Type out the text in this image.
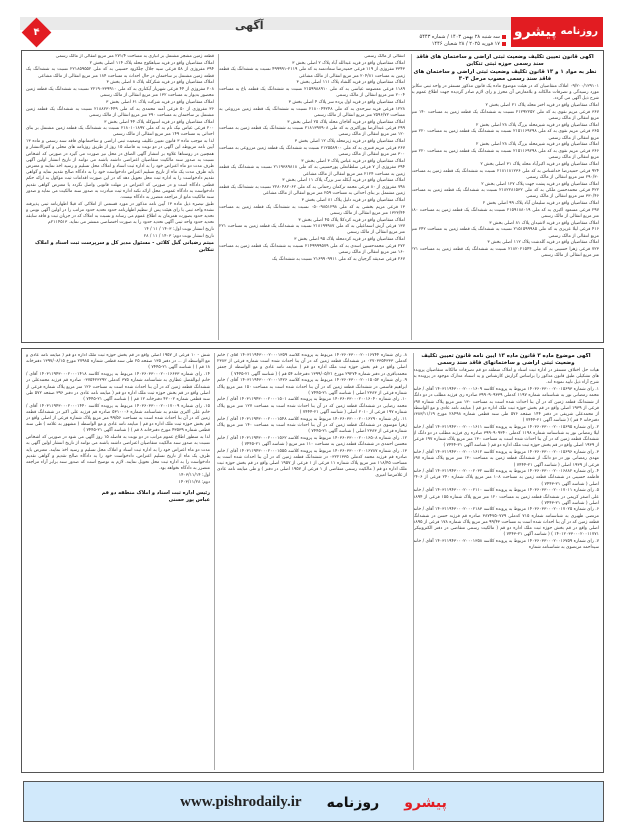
آگهی	روزنامه
پیشرو
سه شنبه ۲۸ بهمن ۱۴۰۳ / شماره ۵۴۴۳
۱۷ فوریه ۲۰۲۵ / ۲۸ شعبان ۱۴۴۶
۴

آگهی قانون تعیین تکلیف وضعیت ثبتی اراضی و ساختمان های فاقد سند رسمی حوزه ثبتی تنکابن

نظر به مواد ۱ و ۱۳ قانون تکلیف وضعیت ثبتی اراضی و ساختمان های فاقد سند رسمی مصوب مرحل ۳۰۴

۰۹/۲۰۰/۱۲۹۱۰۱ املاک متقاضیان که در هیئت موضوع ماده یک قانون مذکور مستقر در واحد ثبتی تنکابن مورد رسیدگی و تصرفات مالکانه و بلامعارض آن محرز و رای لازم صادر گردیده جهت اطلاع عموم به شرح ذیل آگهی می گردد.

املاک متقاضیان واقع در قریه اختر محله پلاک ۲۱ اصلی بخش ۲

۳۶۷ فرعی مریم نقوی به کد ملی ۲۱۲۹۲۲۵۲ نسبت به ششدانگ یک قطعه زمین به مساحت ۱۴۰ متر مربع انتقالی از مالک رسمی

املاک متقاضیان واقع در قریه شیرمحله بزرگ پلاک ۲۸ اصلی بخش ۲

۳۶۵ فرعی مریم نقوی به کد ملی ۲۱۵۱۱۶۹۲۹۸ نسبت به ششدانگ یک قطعه زمین به مساحت ۲۲۰ متر مربع انتقالی از مالک رسمی

املاک متقاضیان واقع در قریه شیرمحله بزرگ پلاک ۲۸ اصلی بخش ۲

۳۶۶ فرعی مریم نقوی به کد ملی ۲۱۵۱۱۶۹۲۹۸ نسبت به ششدانگ یک قطعه زمین به مساحت ۲۲۰ متر مربع انتقالی از مالک رسمی

املاک متقاضیان واقع در قریه اکبرآباد محله پلاک ۳۱ اصلی بخش ۲

۹۲۴ فرعی حمیدرضا خداشناس به کد ملی ۲۱۸۱۱۸۱۲۳۶ نسبت به ششدانگ یک قطعه زمین به مساحت ۲۹۰/۳۰ متر مربع انتقالی از مالک رسمی

املاک متقاضیان واقع در قریه پشت جهت پلاک ۱۲۷ اصلی بخش ۲

۴۲۲ فرعی محمدحسن ملکی به کد ملی ۲۱۸۲۲۸۱۵۳۲ نسبت به ششدانگ یک قطعه زمین به مساحت ۳۳۰/۴۶ متر مربع انتقالی از مالک رسمی

املاک متقاضیان واقع در قریه سلیمان آباد پلاک ۹۹ اصلی بخش ۲

۲۹۷ فرعی مسعود اکبری به کد ملی ۲۱۵۹۱۸۸۰۱۹ نسبت به ششدانگ یک قطعه زمین به مساحت ۱۸۰ متر مربع انتقالی از مالک رسمی

املاک متقاضیان واقع در قریه لاشیدان پلاک ۸۱ اصلی بخش ۳

۴۱۶ فرعی لیلا عزیزی به کد ملی ۲۱۵۱۵۹۹۹۸۵ نسبت به ششدانگ یک قطعه زمین به مساحت ۲۴۲ متر مربع انتقالی از مالک رسمی

املاک متقاضیان واقع در قریه گلدشت پلاک ۱۱۲ اصلی بخش ۳

۷۲۳ فرعی زهرا حسینی به کد ملی ۲۱۸۲۰۲۱۵۴۴ نسبت به ششدانگ یک قطعه زمین به مساحت ۲۲۱ متر مربع انتقالی از مالک رسمی

انتقالی از مالک رسمی

املاک متقاضیان واقع در قریه عبدالله آباد پلاک ۲ اصلی بخش ۳

۳۳۴۳ مفروزی از ۱۱۹ فرعی حمیدرضا سعادتمند به کد ملی ۲۱۱۹-۴۹۹۹۹۱ نسبت به ششدانگ یک قطعه زمین به مساحت ۲۰۴/۸۱ متر مربع انتقالی از مالک مشاعی

املاک متقاضیان واقع در قریه گلشاد پلاک ۱۱۱ اصلی بخش ۳

۱۱۸۹ فرعی معصومه عباسی به کد ملی ۲۱۵۹۹۸۸۹۱۰ نسبت به ششدانگ یک قطعه باغ به مساحت ۲۰۰۴ متر مربع انتقالی از مالک رسمی

املاک متقاضیان واقع در قریه اول پرده سر پلاک ۴ اصلی بخش ۳

۱۲۲۸ فرعی فرید سرحدی به کد ملی ۲۱۸۰۰۴۴۲۴۸ نسبت به ششدانگ یک قطعه زمین مزروعی به مساحت ۲۵۹۶/۷۲ متر مربع انتقالی از مالک رسمی

املاک متقاضیان واقع در قریه آقاجان محله پلاک ۲۵ اصلی بخش ۳

۲۹۹ فرعی عبدالرضا پوراکبری به کد ملی ۲۱۸۱۳۹۷۹۰۸ نسبت به ششدانگ یک قطعه زمین به مساحت ۱۲۰ متر مربع انتقالی از مالک رسمی

املاک متقاضیان واقع در قریه زیرمحله پلاک ۱۲ اصلی بخش ۳

۳۶۷ فرعی مریم قنبری به کد ملی ۲۱۲۵۵۸۹۰۰ نسبت به ششدانگ یک قطعه زمین مزروعی به مساحت ۳۰۰ متر مربع انتقالی از مالک رسمی

املاک متقاضیان واقع در قریه عباس پلاک ۳ اصلی بخش ۳

۳۹۴ مفروزی از ۷ فرعی سلطانعلی پورحسینی به کد ملی ۲۱۱۹۳۸۹۸۱۸ نسبت به ششدانگ یک قطعه زمین به مساحت ۲۱۲۴ متر مربع انتقالی از مالک مشاعی

املاک متقاضیان واقع در قریه آبکله سر بزرگ پلاک ۱۱ اصلی بخش ۳

۷۹۸ مفروزی از ۸۰ فرعی محمد ترکمان رحمانی به کد ملی ۲۲۸۰۴۸۲۰۶۲ نسبت به ششدانگ یک قطعه زمین مشتمل بر بنای احداثی به مساحت ۲۵۹ متر مربع انتقالی از مالک مشاعی

املاک متقاضیان واقع در قریه دلیل پلاک ۸۱ اصلی بخش ۳

۱۳ فرعی مریم بخشی به کد ملی ۰۵۰۰۹۸۵۱۲۹۸ نسبت به ششدانگ یک قطعه زمین به مساحت ۱۳۲۳/۴۴ متر مربع انتقالی از مالک رسمی

املاک متقاضیان واقع در قریه کردکلا پلاک ۴۵ اصلی بخش ۳

۱۳۷ فرعی آرش اسماعیلی به کد ملی ۲۱۸۱۹۹۹۸۷ نسبت به ششدانگ یک قطعه زمین به مساحت ۲۲۱ متر مربع انتقالی از مالک رسمی

املاک متقاضیان واقع در قریه کردمحله پلاک ۹۵ اصلی بخش ۳

۲۷۲ فرعی محمدحسین اسدی به کد ملی ۲۱۴۹۹۹۹۵۷۹ نسبت به ششدانگ یک قطعه زمین به مساحت ۱۶۰ متر مربع انتقالی از مالک رسمی

۲۶۷ فرعی صدیقه گرجیان به کد ملی ۲۱۶۹۹۰۹۹۱۱ نسبت به ششدانگ یک

قطعه زمین مشجر مشتمل بر انباری به مساحت ۲۷۱/۴ متر مربع انتقالی از مالک رسمی

املاک متقاضیان واقع در قریه سیاهکوچ محله پلاک ۱۱۴ اصلی بخش ۲

۳۹۴ مفروزی از ۵۸ فرعی سید جلال چلکرود حسینی به کد ملی ۲۲۱۸۵۹۵۵۲ نسبت به ششدانگ یک قطعه زمین مشتمل بر ساختمان در حال احداث به مساحت ۱۸۴ متر مربع انتقالی از مالک مشاعی

املاک متقاضیان واقع در قریه شکرکله پلاک ۸ اصلی بخش ۳

۲۰۸ مفروزی از ۴۴ فرعی شهریار آبکناری به کد ملی ۲۲۱۹۰۳۳۹۹۱۰ نسبت به ششدانگ یک قطعه زمین محصور بدیوار به مساحت ۱۳۲ متر مربع انتقالی از مالک رسمی

املاک متقاضیان واقع در قریه شرکت پلاک ۶۱ اصلی بخش ۳

۳۶ مفروزی از ۵۰ فرعی آمنه محمدی به کد ملی ۲۱۸۸۲۳۰۴۴۹ نسبت به ششدانگ یک قطعه زمین مشتمل بر ساختمان به مساحت ۳۹۰ متر مربع انتقالی از مالک رسمی

املاک متقاضیان واقع در قریه اسپوکله پلاک ۴۴ اصلی بخش ۳

۲۰۰ فرعی عباس نیک نام به کد ملی ۲۱۸۰۱۰۱۸۹۷ نسبت به ششدانگ یک قطعه زمین مشتمل بر بنای احداثی به مساحت ۱۴۹ متر مربع انتقالی از مالک رسمی

لذا به موجب ماده ۳ قانون تعیین تکلیف وضعیت ثبتی اراضی و ساختمانهای فاقد سند رسمی و ماده ۱۳ آیین نامه مربوطه این آگهی در دو نوبت به فاصله ۱۵ روز از طریق روزنامه های محلی و کثیرالانتشار و همچنین در روستاها علاوه بر انتشار آگهی الصاق در محل نیز صورت می گیرد در صورتی که اشخاص نسبت به صدور سند مالکیت متقاضیان اعتراضی داشته باشند می توانند از تاریخ انتشار اولین آگهی ظرف مدت دو ماه اعتراض خود را به اداره ثبت اسناد و املاک محل تسلیم و رسید اخذ نمایند و معترض باید ظرف مدت یک ماه از تاریخ تسلیم اعتراض دادخواست خود را به دادگاه صالح تقدیم نماید و گواهی تقدیم دادخواست را به اداره ثبت محل تحویل دهد که در این صورت اقدامات ثبت موکول به ارائه حکم قطعی دادگاه است و در صورتی که اعتراض در مهلت قانونی واصل نگردد یا معترض گواهی تقدیم دادخواست به دادگاه عمومی محل ارائه نکند اداره ثبت مبادرت به صدور سند مالکیت می نماید و صدور سند مالکیت مانع از مراجعه متضرر به دادگاه نیست.

طبق تبصره ذیل ماده ۱۳ آیین نامه مذکور در مورد قسمتی از املاکی که قبلا اظهارنامه ثبتی پذیرفته نشده واحد ثبتی با رای هیئت پس از تنظیم اظهارنامه حدود تحدید حدود مراتب را در اولین آگهی نوبتی و تحدید حدود بصورت همزمان به اطلاع عموم می رساند و نسبت به املاک که در جریان ثبت و فاقد سابقه تحدید حدود واحد ثبتی آگهی تحدید حدود را به صورت اختصاصی منتشر می نماید. ۲۱۱۴۵۱۳م

تاریخ انتشار نوبت اول: ۱۴۰۳ / ۱۱ / ۱۴

تاریخ انتشار نوبت دوم: ۱۴۰۳ / ۱۱ / ۲۸

میثم رضیانی گیل کلائی - مسئول مدیر کل و سرپرست ثبت اسناد و املاک تنکابن

آگهی موضوع ماده ۳ قانون ماده ۱۳ آیین نامه قانون تعیین تکلیف وضعیت ثبتی اراضی و ساختمانهای فاقد سند رسمی

هیات حل اختلاف مستقر در اداره ثبت اسناد و املاک منطقه دو قم تصرفات مالکانه متقاضیان پرونده های تشکیلی طبق قانون مذکور را براساس گزارش کارشناس و به استناد مدارک موجود در پرونده به شرح آراء ذیل تایید نموده اند.

۱. رای شماره ۱۴۰۳۶۰۳۳۰۰۰۲۰۰۱۵۶۹۳ مربوط به پرونده کلاسه ۱۴۰۳۱۱۹۴۳۰۰۰۲۰۰۰۱۶۰۹ آقای / خانم محمد رمضانی نور به شناسنامه شماره ۱۱۹۷ کدملی ۳۹۹۰۹۰۹۳۳۹ صادره ری فرزند مطلب در دو دانگ از ششدانگ قطعه زمین که در آن بنا احداث شده است به مساحت ۱۳۰ متر مربع پلاک شماره ۱۹۷ فرعی از ۱۹۳۹ اصلی واقع در قم بخش حوزه ثبت ملک اداره دو قم ( مبایعه نامه عادی و مع الواسطه از محمدعلی شریفی در دفتر ۱۴۴ صفحه ۵۷۶ طی سند قطعی شماره ۲۸۴۹۸ مورخ ۱۳۸۳/۱۱/۱۹ دفترخانه ۴ قم ) ( شناسه آگهی ۲۱-۷۴۴۴ )

۲. رای شماره ۱۴۰۳۶۰۳۳۰۰۰۲۰۰۱۵۶۹۵ مربوط به پرونده کلاسه ۱۴۰۳۱۱۹۴۳۰۰۰۲۰۰۰۱۶۱۱ آقای / خانم لیلا رمضانی نور به شناسنامه شماره ۱۱۹۸ کدملی ۳۹۹۰۹۰۹۳۴۰ صادره ری فرزند مطلب در دو دانگ از ششدانگ قطعه زمین که در آن بنا احداث شده است به مساحت ۱۳۰ متر مربع پلاک شماره ۱۹۷ فرعی از ۱۹۳۹ اصلی واقع در قم بخش حوزه ثبت ملک اداره دو قم ( شناسه آگهی ۲۱-۷۴۴۴ )

۳. رای شماره ۱۴۰۳۶۰۳۳۰۰۰۲۰۰۱۵۶۹۶ مربوط به پرونده کلاسه ۱۴۰۳۱۱۹۴۳۰۰۰۲۰۰۰۱۶۱۲ آقای / خانم مهدی رمضانی نور در دو دانگ از ششدانگ قطعه زمین به مساحت ۱۳۰ متر مربع پلاک شماره ۱۹۷ فرعی از ۱۹۳۹ اصلی ( شناسه آگهی ۲۱-۷۴۴۴ )

۴. رای شماره ۱۴۰۳۶۰۳۳۰۰۰۲۰۰۱۶۸۸۲ مربوط به پرونده کلاسه ۱۴۰۳۱۱۹۴۳۰۰۰۲۰۰۰۲۰۳۲ آقای / خانم فاطمه حسینی در ششدانگ قطعه زمین به مساحت ۱۰۸ متر مربع پلاک شماره ۲۴۰ فرعی از ۲۴۰۶ اصلی ( شناسه آگهی ۲۱-۷۴۴۳ )

۵. رای شماره ۱۴۰۳۶۰۳۳۰۰۰۲۰۰۱۷۰۱۱ مربوط به پرونده کلاسه ۱۴۰۳۱۱۹۴۳۰۰۰۲۰۰۰۲۱۱۰ آقای / خانم علی اصغر کریمی در ششدانگ قطعه زمین به مساحت ۱۲۰ متر مربع پلاک شماره ۱۵۵ فرعی از ۱۸۹۴ اصلی ( شناسه آگهی ۲۱-۷۴۴۳ )

۶. رای شماره ۱۴۰۳۶۰۳۳۰۰۰۲۰۰۱۷۰۲۵ مربوط به پرونده کلاسه ۱۴۰۳۱۱۹۴۳۰۰۰۲۰۰۰۲۱۸۳ آقای / خانم مرتضی ظهیری به شناسنامه شماره ۷۱۵ کدملی ۳۸۷۴۷۵۰۷۷۹ صادره قم فرزند حسن در ششدانگ قطعه زمین که در آن بنا احداث شده است به مساحت ۹۹/۴۳ متر مربع پلاک شماره ۱۷۸ فرعی از ۱۸۹۵ اصلی واقع در قم بخش حوزه ثبت ملک اداره دو قم ( مالکیت رسمی متقاضی در دفتر الکترونیکی ۱۴۰۱۲۰۳۳۰۰۰۲۰۰۱۱۷۷۱ ) ( شناسه آگهی ۲۱-۷۴۴۳ )

۷. رای شماره ۱۴۰۳۶۰۳۳۰۰۰۲۰۰۱۶۷۵۹ مربوط به پرونده کلاسه ۱۴۰۳۱۱۹۴۳۰۰۰۲۰۰۰۱۳۵۸ آقای / خانم سیداحمد مرتضوی به شناسنامه شماره

۸. رای شماره ۱۴۰۳۶۰۳۳۰۰۰۲۰۰۱۶۷۴۴ مربوط به پرونده کلاسه ۱۴۰۳۱۱۹۴۳۰۰۰۲۰۰۰۱۳۵۹ آقای / خانم کدملی ۰۲۷۰۳۳۵۴۳۳۳ در ششدانگ قطعه زمین که در آن بنا احداث شده است شماره فرعی از ۲۳۸۳ اصلی واقع در قم بخش حوزه ثبت ملک اداره دو قم ( مبایعه نامه عادی و مع الواسطه از جعفر محمدباقری در دفتر شماره ۲۹۲۷۴ مورخ ۱۳۹۹/۰۵/۲۱ دفترخانه ۵۴ قم ) ( شناسه آگهی ۲۱-۷۴۴۵ )

۹. رای شماره ۱۴۰۳۶۰۳۳۰۰۰۲۰۰۱۵۰۵۲ مربوط به پرونده کلاسه ۱۴۰۳۱۱۹۴۳۰۰۰۲۰۰۰۱۴۲۶ آقای / خانم ابراهیم قاسمی در ششدانگ قطعه زمین که در آن بنا احداث شده است به مساحت ۱۵۰ متر مربع پلاک شماره فرعی از ۲۳۸۳ اصلی ( شناسه آگهی ۲۱-۷۴۴۵ )

۱۰. رای شماره ۱۴۰۳۶۰۳۳۰۰۰۲۰۰۱۶۰۴۰ مربوط به پرونده کلاسه ۱۴۰۳۱۱۹۴۳۰۰۰۲۰۰۰۱۵۰۱ آقای / خانم محمد رضایی در ششدانگ قطعه زمین که در آن بنا احداث شده است به مساحت ۱۲۷ متر مربع پلاک شماره ۱۹۷ فرعی از ۲۰۱۰ اصلی ( شناسه آگهی ۲۱-۷۴۴۴ )

۱۱. رای شماره ۱۴۰۳۶۰۳۳۰۰۰۲۰۰۱۶۲۹۰ مربوط به پرونده کلاسه ۱۴۰۳۱۱۹۴۳۰۰۰۲۰۰۰۱۵۴۸ آقای / خانم زهرا موسوی در ششدانگ قطعه زمین که در آن بنا احداث شده است به مساحت ۱۴۰ متر مربع پلاک شماره فرعی از ۲۳۸۳ اصلی ( شناسه آگهی ۲۱-۷۴۴۵ )

۱۲. رای شماره ۱۴۰۳۶۰۳۳۰۰۰۲۰۰۱۶۵۰۸ مربوط به پرونده کلاسه ۱۴۰۳۱۱۹۴۳۰۰۰۲۰۰۰۱۵۶۲ آقای / خانم محسن احمدی در ششدانگ قطعه زمین به مساحت ۱۱۰ متر مربع ( شناسه آگهی ۲۱-۷۴۴۵ )

۱۳. رای شماره ۱۴۰۳۶۰۳۳۰۰۰۲۰۰۱۶۷۸۷ مربوط به پرونده کلاسه ۱۴۰۳۱۱۹۴۳۰۰۰۲۰۰۰۱۵۵۵ آقای / خانم صادره قم فرزند محمد کدملی ۰۳۲۲۱۳۳۵ در ششدانگ قطعه زمین که در آن بنا احداث شده است به مساحت ۱۱۸/۴۵ متر مربع پلاک شماره ۱۱ فرعی از ۱ فرعی از ۱۹۵۷ اصلی واقع در قم بخش حوزه ثبت ملک اداره دو قم ( مالکیت رسمی متقاضی از ۱ فرعی از ۱۹۵۷ اصلی در دفتر ) و طی مبایعه نامه عادی از غلامرضا امیری

شش - ۱۰ فرعی از ۱۹۵۷ اصلی واقع در قم بخش حوزه ثبت ملک اداره دو قم ( مبایعه نامه عادی و مع الواسطه از ... در دفتر ۱۳۵ صفحه ۲۵ طی سند قطعی شماره ۲۷۹۸۵ مورخ ۱۳۹۷/۰۸/۱۵ دفترخانه ۱۸ قم ) ( شناسه آگهی ۲۱-۷۴۴۵ )

۱۴. رای شماره ۱۴۰۳۶۰۳۳۰۰۰۲۰۰۱۶۶۳۳ مربوط به پرونده کلاسه ۱۴۰۳۱۱۹۴۳۰۰۰۲۰۰۰۱۴۱۸ آقای / خانم ابوالفضل عطاری به شناسنامه شماره ۳۷۵ کدملی ۰۳۷۵۴۲۳۲۹۲ صادره قم فرزند محمدعلی در ششدانگ قطعه زمین که در آن بنا احداث شده است به مساحت ۱۲۶ متر مربع پلاک شماره فرعی از اصلی واقع در قم بخش حوزه ثبت ملک اداره دو قم ( مبایعه نامه عادی در دفتر ۳۹۶ صفحه ۵۷۲ طی سند قطعی شماره ۴۲۰۰۲ دفترخانه ۱۲ قم ) ( شناسه آگهی ۲۱-۷۴۴۵ )

۱۵. رای شماره ۱۴۰۳۶۰۳۳۰۰۰۲۰۰۱۷۰۰۹ مربوط به پرونده کلاسه ۱۴۰۳۱۱۹۴۳۰۰۰۲۰۰۰۱۴۴۰ آقای / خانم علی اکبری مقدم به شناسنامه شماره ۵۳۱۰۰۰۶ صادره قم فرزند علی اکبر در ششدانگ قطعه زمین که در آن بنا احداث شده است به مساحت ۹۹/۵۶ متر مربع پلاک شماره فرعی از اصلی واقع در قم بخش حوزه ثبت ملک اداره دو قم ( مبایعه نامه عادی و مع الواسطه ( مشهور به علامه ) طی سند قطعی شماره ۴۳۵۳۹ مورخ دفترخانه ۸ قم ) ( شناسه آگهی ۲۱-۷۴۴۵ )

لذا به منظور اطلاع عموم مراتب در دو نوبت به فاصله ۱۵ روز آگهی می شود در صورتی که اشخاص نسبت به صدور سند مالکیت متقاضیان اعتراضی داشته باشند می توانند از تاریخ انتشار اولین آگهی به مدت دو ماه اعتراض خود را به اداره ثبت اسناد و املاک محل تسلیم و رسید اخذ نمایند. معترض باید ظرف یک ماه از تاریخ تسلیم اعتراض، دادخواست خود را به دادگاه صالح تقدیم و گواهی تقدیم دادخواست را به اداره ثبت محل تحویل نمایند. لازم به توضیح است که صدور سند برابر آراء مراجعه متضرر به دادگاه نخواهد بود.

اول: ۱۴۰۳/۱۱/۱۴

دوم: ۱۴۰۳/۱۱/۲۸

رئیس اداره ثبت اسناد و املاک منطقه دو قم

عباس پور حسنی

www.pishrodaily.ir	پیشرو روزنامه
